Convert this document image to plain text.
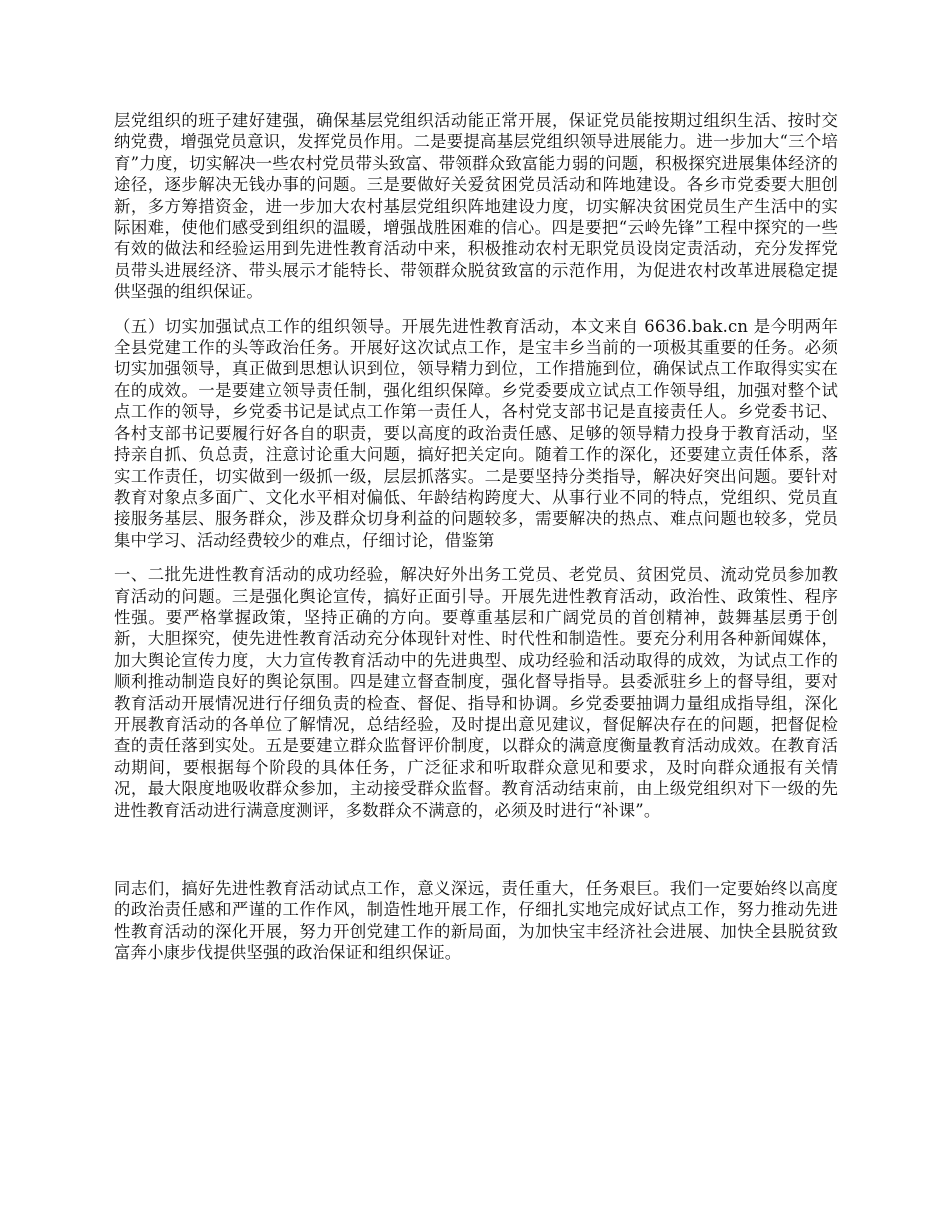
层党组织的班子建好建强，确保基层党组织活动能正常开展，保证党员能按期过组织生活、按时交纳党费，增强党员意识，发挥党员作用。二是要提高基层党组织领导进展能力。进一步加大“三个培育”力度，切实解决一些农村党员带头致富、带领群众致富能力弱的问题，积极探究进展集体经济的途径，逐步解决无钱办事的问题。三是要做好关爱贫困党员活动和阵地建设。各乡市党委要大胆创新，多方筹措资金，进一步加大农村基层党组织阵地建设力度，切实解决贫困党员生产生活中的实际困难，使他们感受到组织的温暖，增强战胜困难的信心。四是要把“云岭先锋”工程中探究的一些有效的做法和经验运用到先进性教育活动中来，积极推动农村无职党员设岗定责活动，充分发挥党员带头进展经济、带头展示才能特长、带领群众脱贫致富的示范作用，为促进农村改革进展稳定提供坚强的组织保证。

（五）切实加强试点工作的组织领导。开展先进性教育活动，本文来自 6636.bak.cn 是今明两年全县党建工作的头等政治任务。开展好这次试点工作，是宝丰乡当前的一项极其重要的任务。必须切实加强领导，真正做到思想认识到位，领导精力到位，工作措施到位，确保试点工作取得实实在在的成效。一是要建立领导责任制，强化组织保障。乡党委要成立试点工作领导组，加强对整个试点工作的领导，乡党委书记是试点工作第一责任人，各村党支部书记是直接责任人。乡党委书记、各村支部书记要履行好各自的职责，要以高度的政治责任感、足够的领导精力投身于教育活动，坚持亲自抓、负总责，注意讨论重大问题，搞好把关定向。随着工作的深化，还要建立责任体系，落实工作责任，切实做到一级抓一级，层层抓落实。二是要坚持分类指导，解决好突出问题。要针对教育对象点多面广、文化水平相对偏低、年龄结构跨度大、从事行业不同的特点，党组织、党员直接服务基层、服务群众，涉及群众切身利益的问题较多，需要解决的热点、难点问题也较多，党员集中学习、活动经费较少的难点，仔细讨论，借鉴第

一、二批先进性教育活动的成功经验，解决好外出务工党员、老党员、贫困党员、流动党员参加教育活动的问题。三是强化舆论宣传，搞好正面引导。开展先进性教育活动，政治性、政策性、程序性强。要严格掌握政策，坚持正确的方向。要尊重基层和广阔党员的首创精神，鼓舞基层勇于创新，大胆探究，使先进性教育活动充分体现针对性、时代性和制造性。要充分利用各种新闻媒体，加大舆论宣传力度，大力宣传教育活动中的先进典型、成功经验和活动取得的成效，为试点工作的顺利推动制造良好的舆论氛围。四是建立督查制度，强化督导指导。县委派驻乡上的督导组，要对教育活动开展情况进行仔细负责的检查、督促、指导和协调。乡党委要抽调力量组成指导组，深化开展教育活动的各单位了解情况，总结经验，及时提出意见建议，督促解决存在的问题，把督促检查的责任落到实处。五是要建立群众监督评价制度，以群众的满意度衡量教育活动成效。在教育活动期间，要根据每个阶段的具体任务，广泛征求和听取群众意见和要求，及时向群众通报有关情况，最大限度地吸收群众参加，主动接受群众监督。教育活动结束前，由上级党组织对下一级的先进性教育活动进行满意度测评，多数群众不满意的，必须及时进行“补课”。

同志们，搞好先进性教育活动试点工作，意义深远，责任重大，任务艰巨。我们一定要始终以高度的政治责任感和严谨的工作作风，制造性地开展工作，仔细扎实地完成好试点工作，努力推动先进性教育活动的深化开展，努力开创党建工作的新局面，为加快宝丰经济社会进展、加快全县脱贫致富奔小康步伐提供坚强的政治保证和组织保证。
